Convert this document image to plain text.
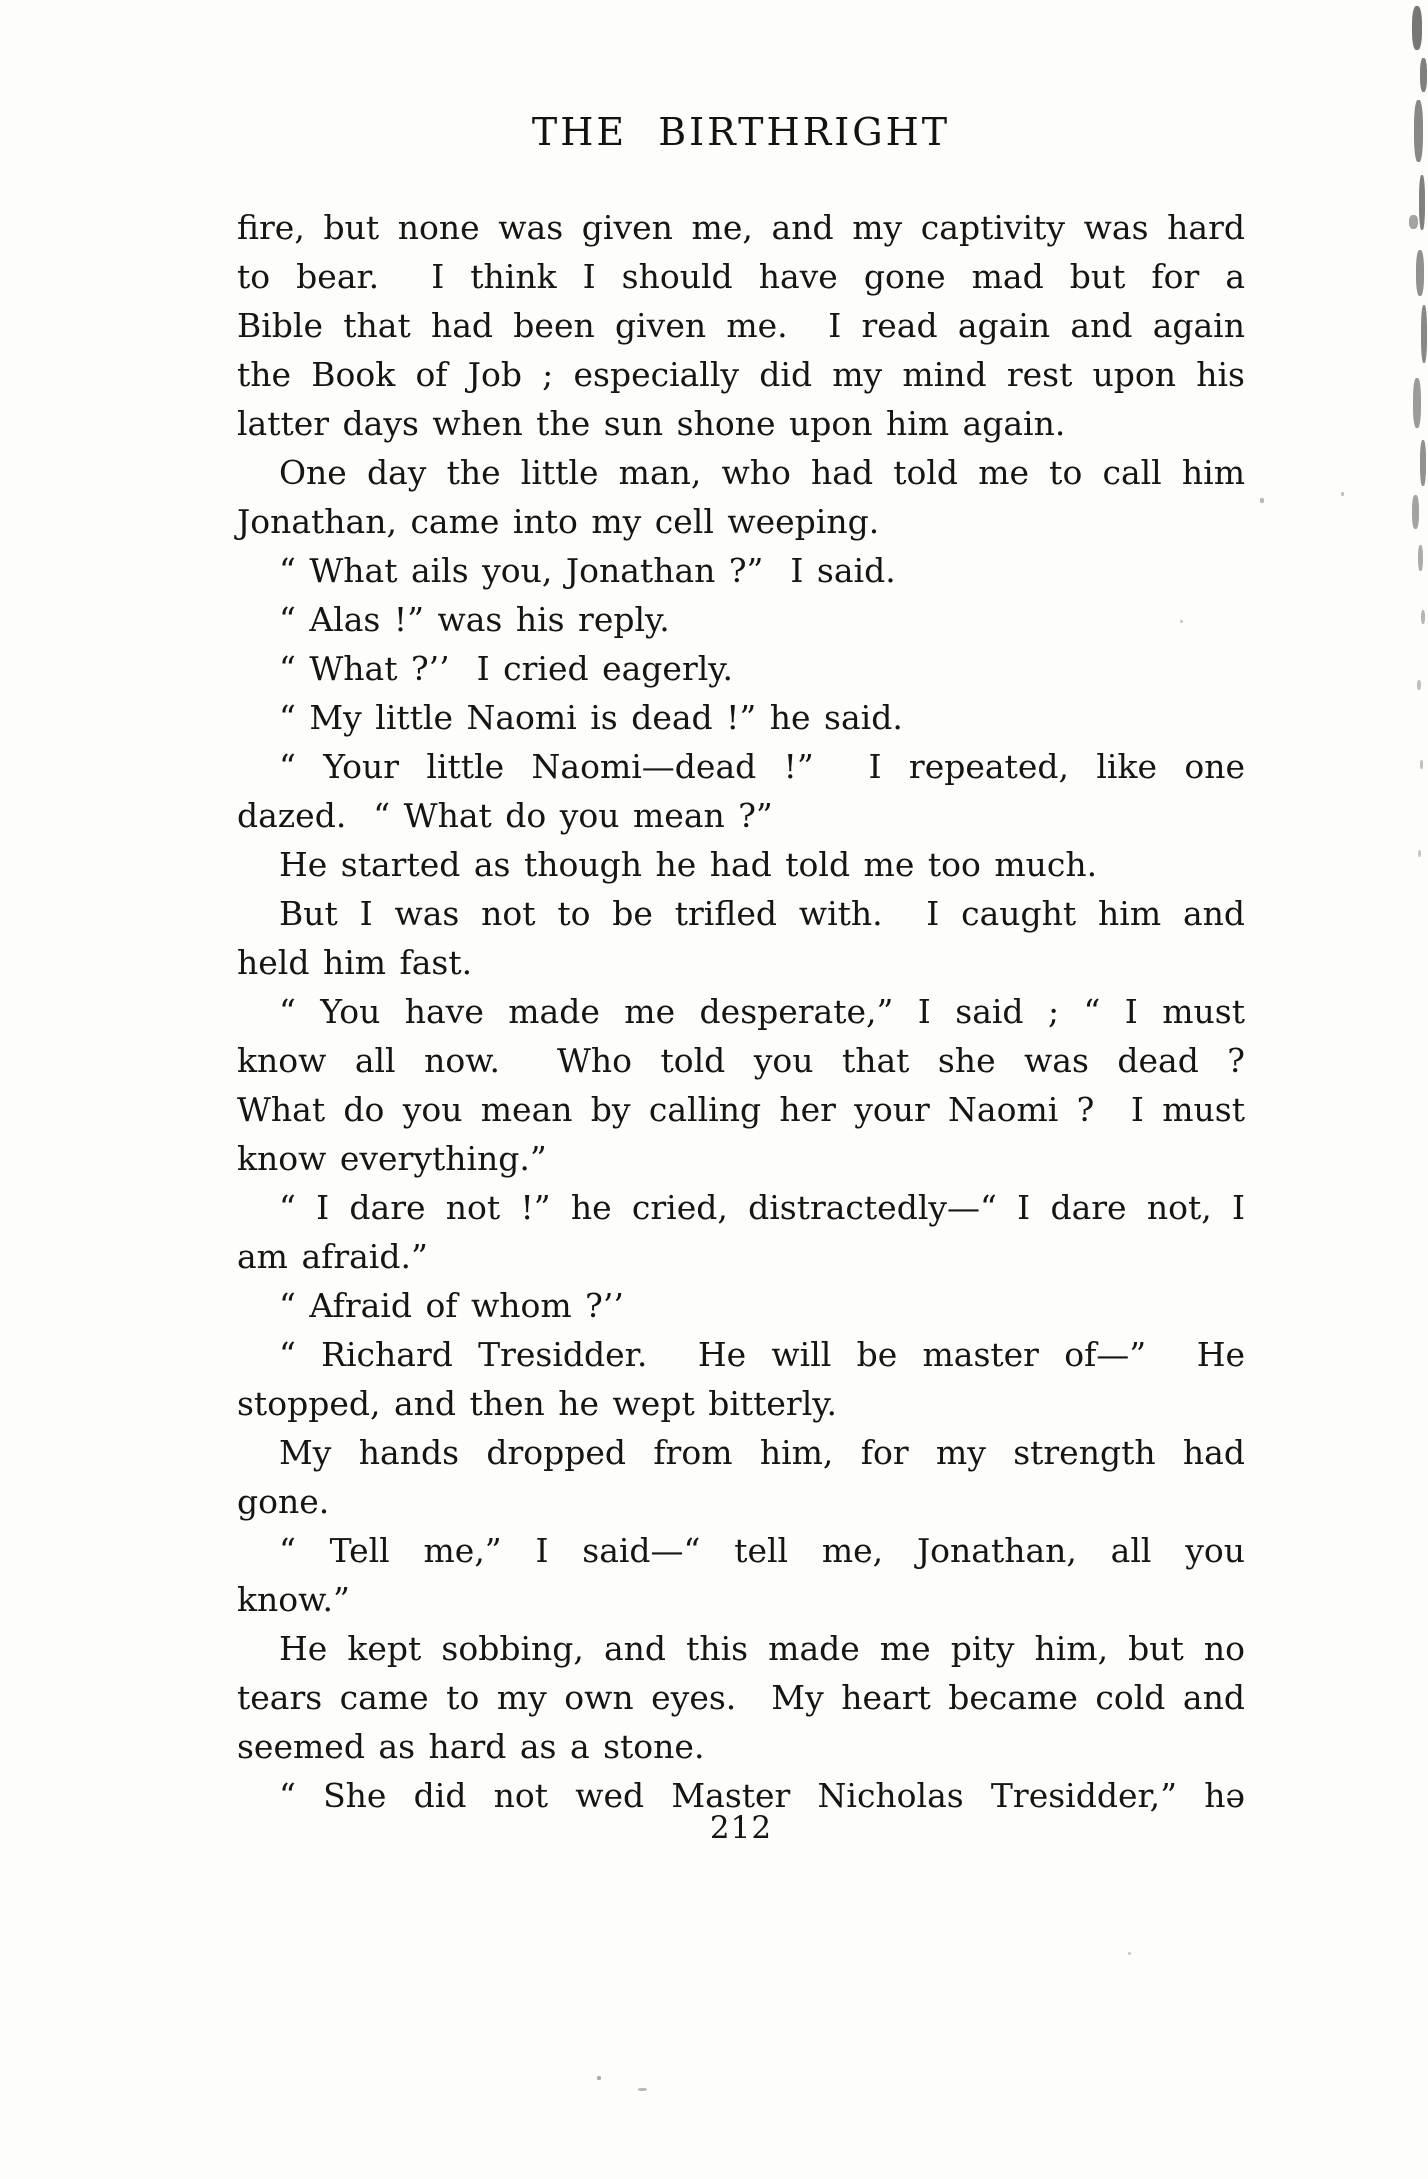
THE BIRTHRIGHT
fire, but none was given me, and my captivity was hard
to bear.  I think I should have gone mad but for a
Bible that had been given me.  I read again and again
the Book of Job ; especially did my mind rest upon his
latter days when the sun shone upon him again.
One day the little man, who had told me to call him
Jonathan, came into my cell weeping.
“ What ails you, Jonathan ?”  I said.
“ Alas !” was his reply.
“ What ?’’  I cried eagerly.
“ My little Naomi is dead !” he said.
“ Your little Naomi—dead !”  I repeated, like one
dazed.  “ What do you mean ?”
He started as though he had told me too much.
But I was not to be trifled with.  I caught him and
held him fast.
“ You have made me desperate,” I said ; “ I must
know all now.  Who told you that she was dead ?
What do you mean by calling her your Naomi ?  I must
know everything.”
“ I dare not !” he cried, distractedly—“ I dare not, I
am afraid.”
“ Afraid of whom ?’’
“ Richard Tresidder.  He will be master of—”  He
stopped, and then he wept bitterly.
My hands dropped from him, for my strength had
gone.
“ Tell me,” I said—“ tell me, Jonathan, all you
know.”
He kept sobbing, and this made me pity him, but no
tears came to my own eyes.  My heart became cold and
seemed as hard as a stone.
“ She did not wed Master Nicholas Tresidder,” hə
212
